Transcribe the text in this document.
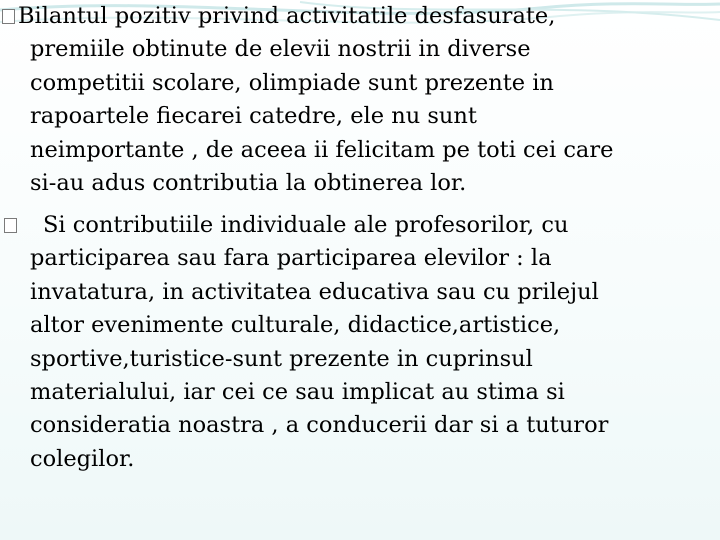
Bilantul pozitiv privind activitatile desfasurate,
premiile obtinute de elevii nostrii in diverse
competitii scolare, olimpiade sunt prezente in
rapoartele fiecarei catedre, ele nu sunt
neimportante , de aceea ii felicitam pe toti cei care
si-au adus contributia la obtinerea lor.
Si contributiile individuale ale profesorilor, cu
participarea sau fara participarea elevilor : la
invatatura, in activitatea educativa sau cu prilejul
altor evenimente culturale, didactice,artistice,
sportive,turistice-sunt prezente in cuprinsul
materialului, iar cei ce sau implicat au stima si
consideratia noastra , a conducerii dar si a tuturor
colegilor.
